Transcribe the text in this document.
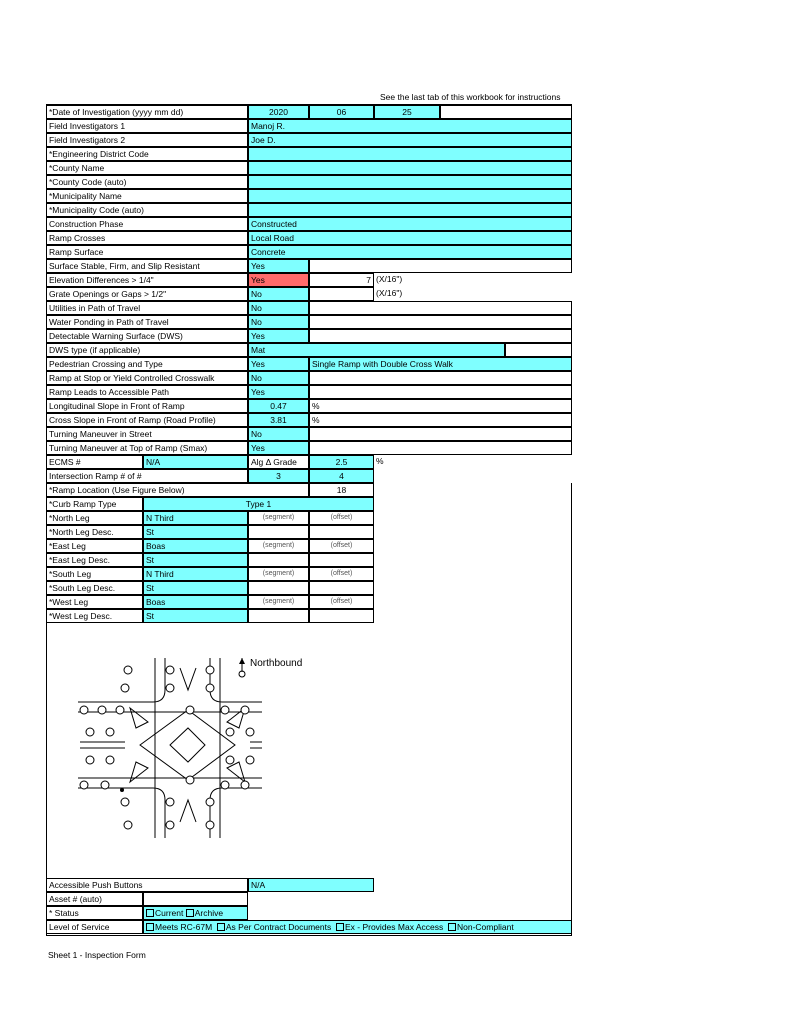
See the last tab of this workbook for instructions
*Date of Investigation (yyyy mm dd)	2020	06	25
Field Investigators 1	Manoj R.
Field Investigators 2	Joe D.
*Engineering District Code
*County Name
*County Code (auto)
*Municipality Name
*Municipality Code (auto)
Construction Phase	Constructed
Ramp Crosses	Local Road
Ramp Surface	Concrete
Surface Stable, Firm, and Slip Resistant	Yes
Elevation Differences > 1/4"	Yes	7 (X/16")
Grate Openings or Gaps > 1/2"	No	(X/16")
Utilities in Path of Travel	No
Water Ponding in Path of Travel	No
Detectable Warning Surface (DWS)	Yes
DWS type (if applicable)	Mat
Pedestrian Crossing and Type	Yes	Single Ramp with Double Cross Walk
Ramp at Stop or Yield Controlled Crosswalk	No
Ramp Leads to Accessible Path	Yes
Longitudinal Slope in Front of Ramp	0.47	%
Cross Slope in Front of Ramp (Road Profile)	3.81	%
Turning Maneuver in Street	No
Turning Maneuver at Top of Ramp (Smax)	Yes
ECMS #	N/A	Alg Δ Grade	2.5	%
Intersection Ramp # of #	3	4
*Ramp Location (Use Figure Below)	18
*Curb Ramp Type	Type 1
*North Leg	N Third	(segment)	(offset)
*North Leg Desc.	St
*East Leg	Boas	(segment)	(offset)
*East Leg Desc.	St
*South Leg	N Third	(segment)	(offset)
*South Leg Desc.	St
*West Leg	Boas	(segment)	(offset)
*West Leg Desc.	St
Accessible Push Buttons	N/A
Asset # (auto)
* Status	Current Archive
Level of Service	Meets RC-67M As Per Contract Documents Ex - Provides Max Access Non-Compliant
Northbound
Sheet 1 - Inspection Form
